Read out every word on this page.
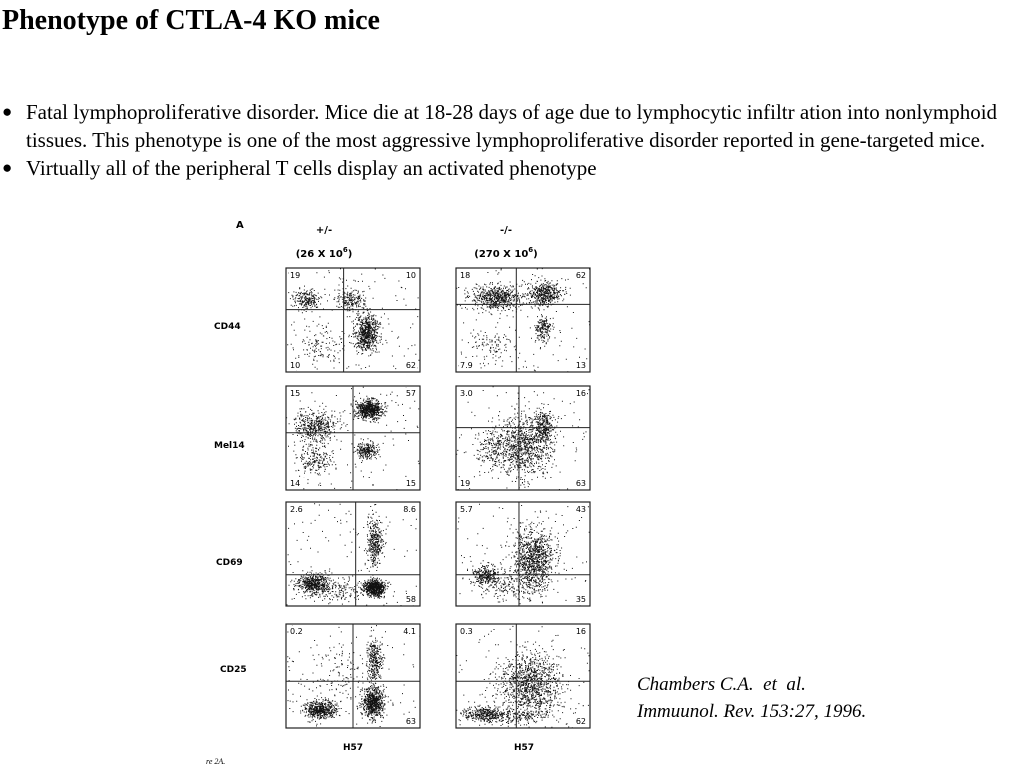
Phenotype of CTLA-4 KO mice
● Fatal lymphoproliferative disorder. Mice die at 18-28 days of age due to lymphocytic infiltr ation into nonlymphoid tissues. This phenotype is one of the most aggressive lymphoproliferative disorder reported in gene-targeted mice.
● Virtually all of the peripheral T cells display an activated phenotype
A	+/-
(26 X $10^6$)
-/-
(270 X $10^6$)
CD44
Mel14
CD69
CD25
H57	H57
re 2A.
19	10
10	62
18	62
7.9	13
15	57
14	15
3.0	16
19	63
2.6	8.6
58
5.7	43
35
0.2	4.1
63
0.3	16
62
Chambers C.A.  et  al.
Immuunol. Rev. 153:27, 1996.
